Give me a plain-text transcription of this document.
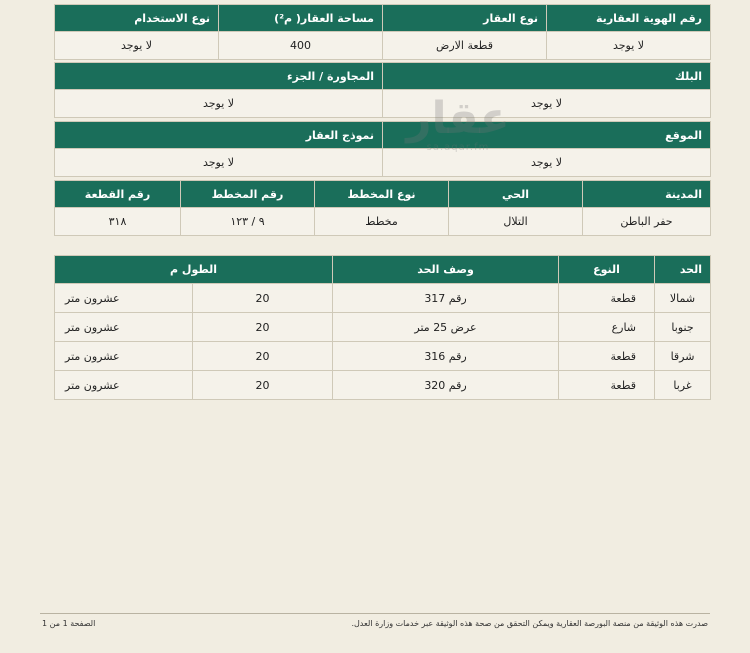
رقم الهوية العقارية	نوع العقار	مساحة العقار( م²)	نوع الاستخدام
لا يوجد	قطعة الارض	400	لا يوجد
البلك	المجاورة / الجزء
لا يوجد	لا يوجد
الموقع	نموذج العقار
لا يوجد	لا يوجد
المدينة	الحي	نوع المخطط	رقم المخطط	رقم القطعة
حفر الباطن	التلال	مخطط	٩ / ١٢٣	٣١٨
الحد	النوع	وصف الحد	الطول م	
شمالا	قطعة	رقم 317	20	عشرون متر
جنوبا	شارع	عرض 25 متر	20	عشرون متر
شرقا	قطعة	رقم 316	20	عشرون متر
غربا	قطعة	رقم 320	20	عشرون متر
عقار
sa.aqar.fm
صدرت هذه الوثيقة من منصة البورصة العقارية ويمكن التحقق من صحة هذه الوثيقة عبر خدمات وزارة العدل.
الصفحة 1 من 1
